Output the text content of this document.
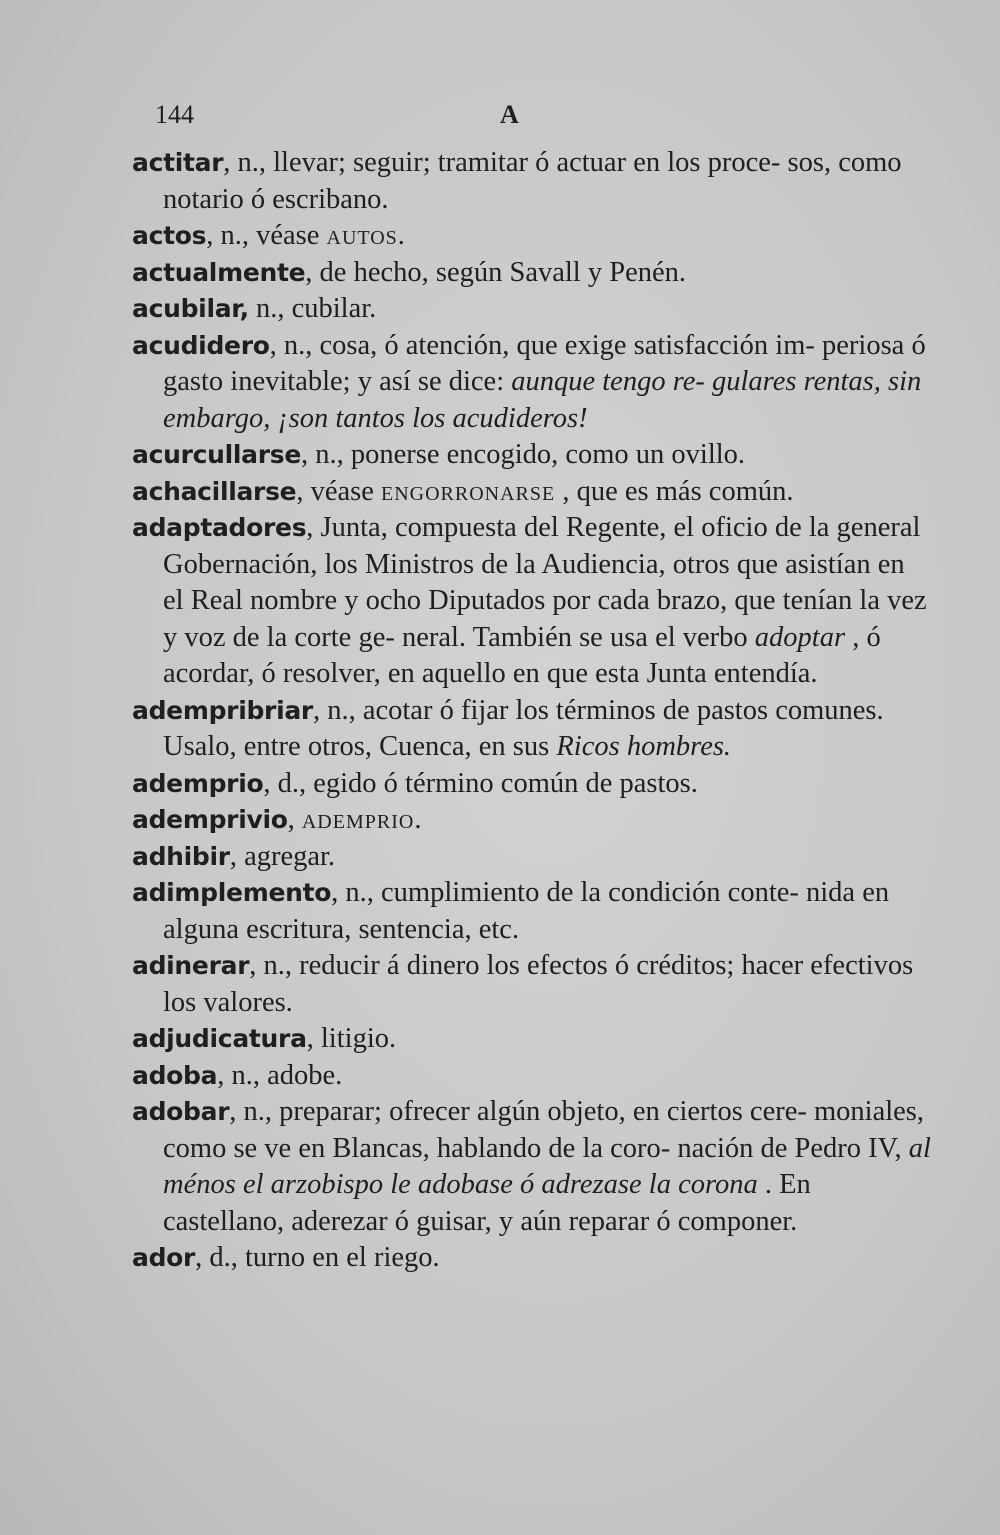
144	A

actitar, n., llevar; seguir; tramitar ó actuar en los proce- sos, como notario ó escribano.

actos, n., véase autos.

actualmente, de hecho, según Savall y Penén.

acubilar, n., cubilar.

acudidero, n., cosa, ó atención, que exige satisfacción im- periosa ó gasto inevitable; y así se dice: aunque tengo re- gulares rentas, sin embargo, ¡son tantos los acudideros!

acurcullarse, n., ponerse encogido, como un ovillo.

achacillarse, véase engorronarse , que es más común.

adaptadores, Junta, compuesta del Regente, el oficio de la general Gobernación, los Ministros de la Audiencia, otros que asistían en el Real nombre y ocho Diputados por cada brazo, que tenían la vez y voz de la corte ge- neral. También se usa el verbo adoptar , ó acordar, ó resolver, en aquello en que esta Junta entendía.

adempribriar, n., acotar ó fijar los términos de pastos comunes. Usalo, entre otros, Cuenca, en sus Ricos hombres.

ademprio, d., egido ó término común de pastos.

ademprivio, ademprio.

adhibir, agregar.

adimplemento, n., cumplimiento de la condición conte- nida en alguna escritura, sentencia, etc.

adinerar, n., reducir á dinero los efectos ó créditos; hacer efectivos los valores.

adjudicatura, litigio.

adoba, n., adobe.

adobar, n., preparar; ofrecer algún objeto, en ciertos cere- moniales, como se ve en Blancas, hablando de la coro- nación de Pedro IV, al ménos el arzobispo le adobase ó adrezase la corona . En castellano, aderezar ó guisar, y aún reparar ó componer.

ador, d., turno en el riego.
